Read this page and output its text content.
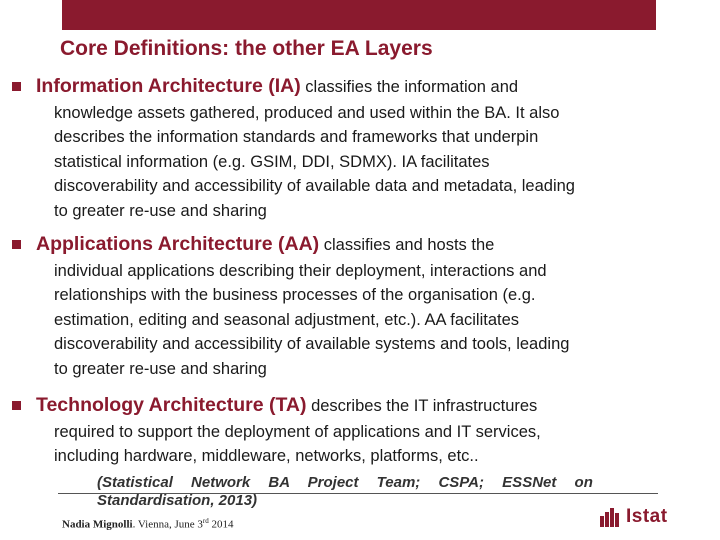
Core Definitions: the other EA Layers
Information Architecture (IA) classifies the information and
knowledge assets gathered, produced and used within the BA. It also
describes the information standards and frameworks that underpin
statistical information (e.g. GSIM, DDI, SDMX). IA facilitates
discoverability and accessibility of available data and metadata, leading
to greater re-use and sharing
Applications Architecture (AA) classifies and hosts the
individual applications describing their deployment, interactions and
relationships with the business processes of the organisation (e.g.
estimation, editing and seasonal adjustment, etc.). AA facilitates
discoverability and accessibility of available systems and tools, leading
to greater re-use and sharing
Technology Architecture (TA) describes the IT infrastructures
required to support the deployment of applications and IT services,
including hardware, middleware, networks, platforms, etc..
(Statistical Network BA Project Team; CSPA; ESSNet on
Standardisation, 2013)
Nadia Mignolli. Vienna, June 3rd 2014	Istat
